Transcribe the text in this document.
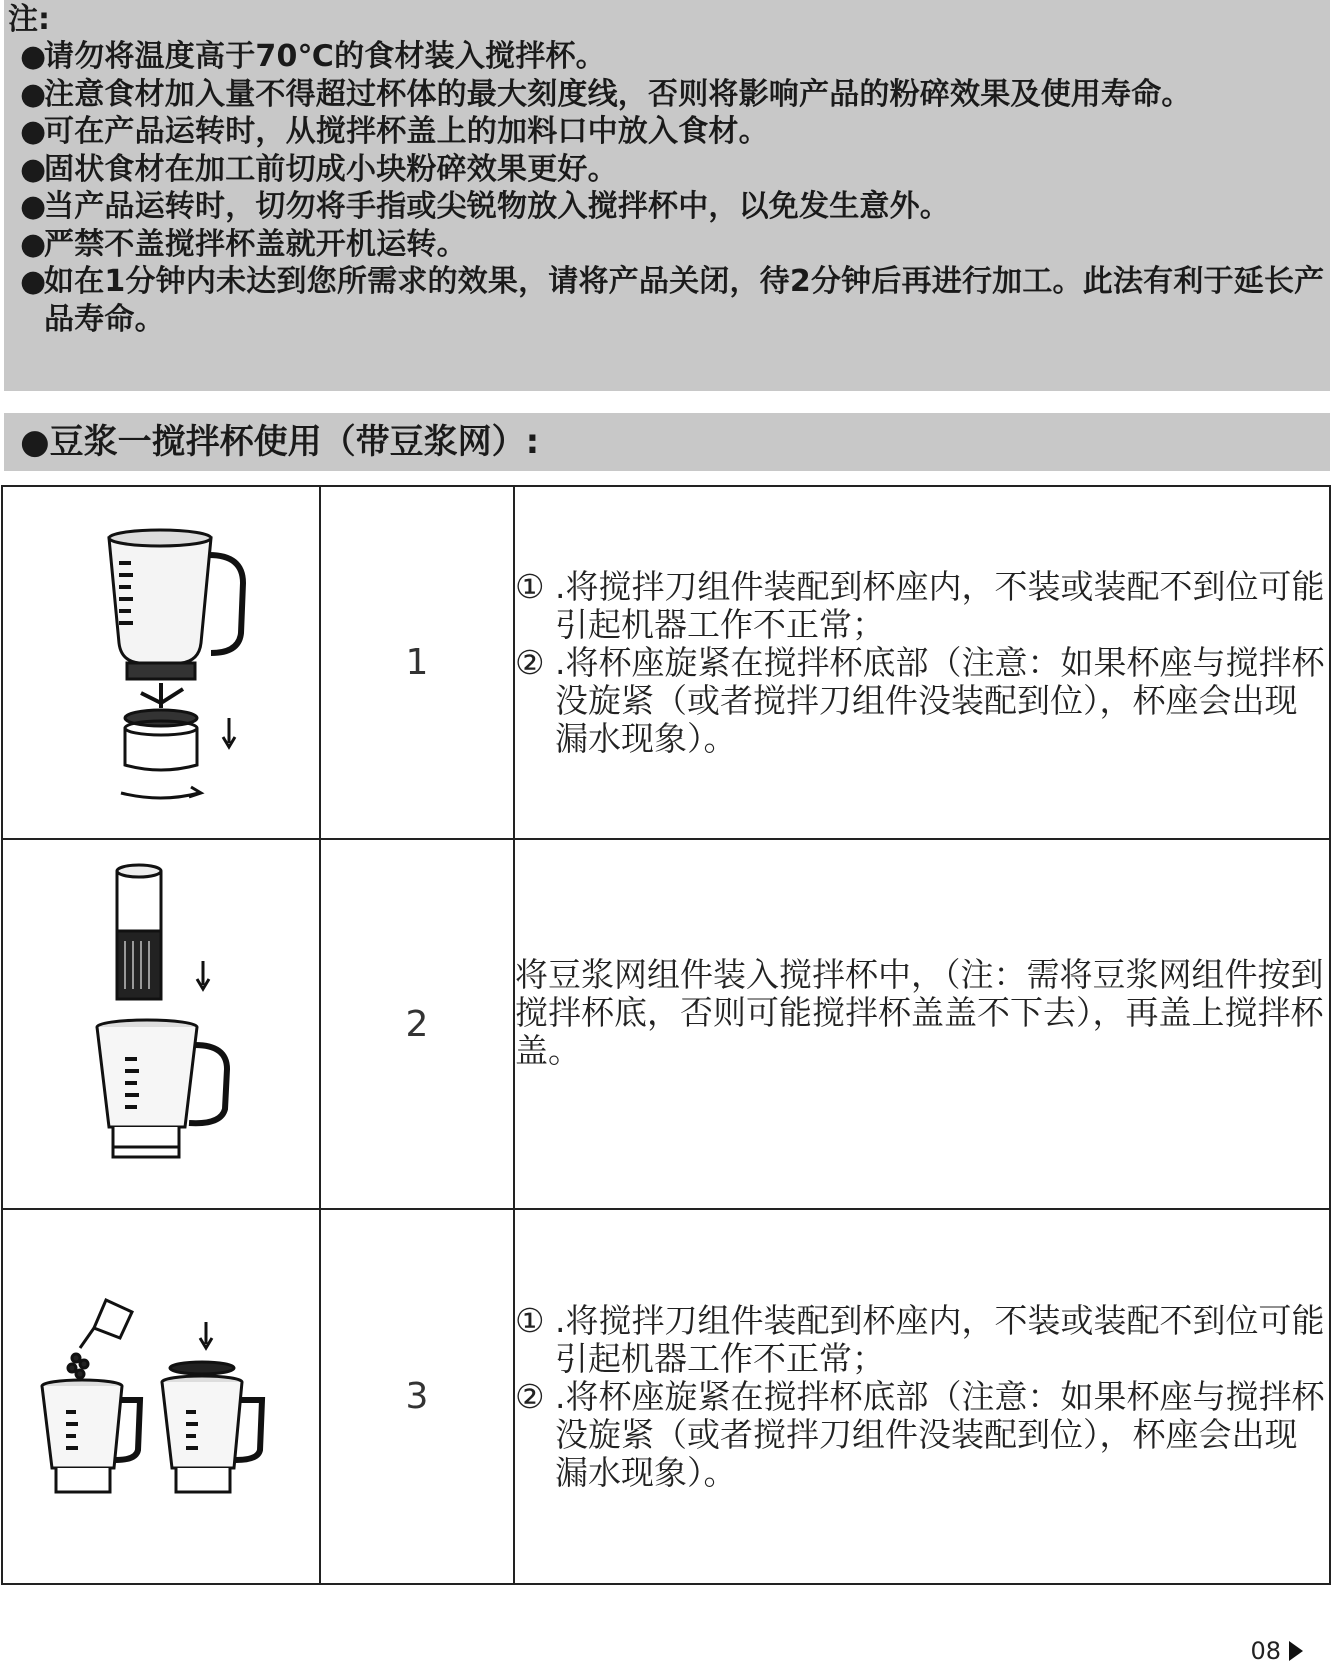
注:
●
请勿将温度高于70℃的食材装入搅拌杯。
●
注意食材加入量不得超过杯体的最大刻度线，否则将影响产品的粉碎效果及使用寿命。
●
可在产品运转时，从搅拌杯盖上的加料口中放入食材。
●
固状食材在加工前切成小块粉碎效果更好。
●
当产品运转时，切勿将手指或尖锐物放入搅拌杯中，以免发生意外。
●
严禁不盖搅拌杯盖就开机运转。
●
如在1分钟内未达到您所需求的效果，请将产品关闭，待2分钟后再进行加工。此法有利于延长产品寿命。
●豆浆一搅拌杯使用（带豆浆网）:
	1	① .将搅拌刀组件装配到杯座内，不装或装配不到位可能引起机器工作不正常；
② .将杯座旋紧在搅拌杯底部（注意：如果杯座与搅拌杯没旋紧（或者搅拌刀组件没装配到位），杯座会出现漏水现象）。

	2	将豆浆网组件装入搅拌杯中，（注：需将豆浆网组件按到搅拌杯底，否则可能搅拌杯盖盖不下去），再盖上搅拌杯盖。

	3	① .将搅拌刀组件装配到杯座内，不装或装配不到位可能引起机器工作不正常；
② .将杯座旋紧在搅拌杯底部（注意：如果杯座与搅拌杯没旋紧（或者搅拌刀组件没装配到位），杯座会出现漏水现象）。
08
